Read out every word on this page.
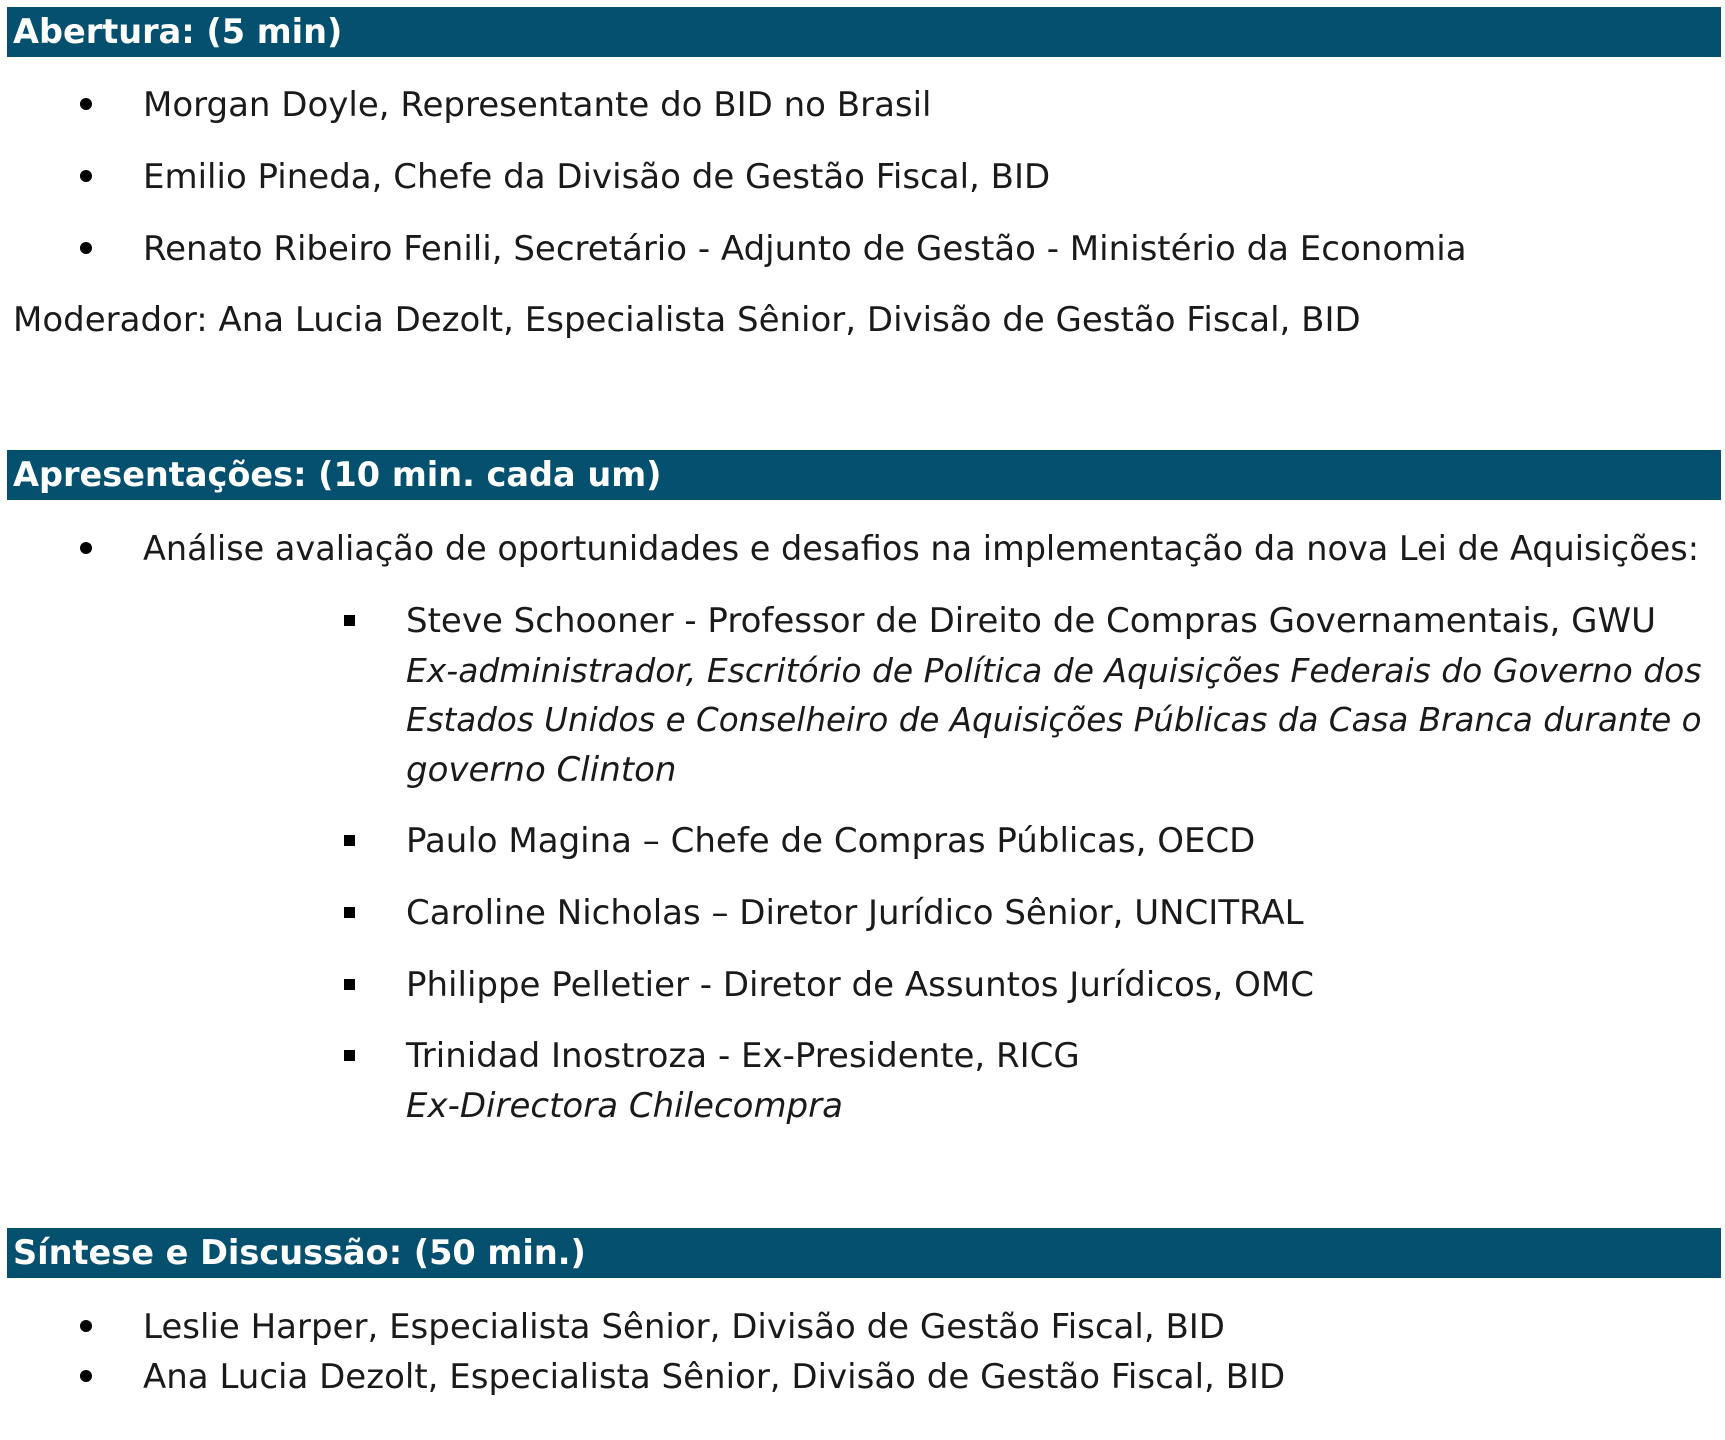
Abertura: (5 min)
Morgan Doyle, Representante do BID no Brasil
Emilio Pineda, Chefe da Divisão de Gestão Fiscal, BID
Renato Ribeiro Fenili, Secretário - Adjunto de Gestão - Ministério da Economia
Moderador: Ana Lucia Dezolt, Especialista Sênior, Divisão de Gestão Fiscal, BID
Apresentações: (10 min. cada um)
Análise avaliação de oportunidades e desafios na implementação da nova Lei de Aquisições:
Steve Schooner - Professor de Direito de Compras Governamentais, GWU
Ex-administrador, Escritório de Política de Aquisições Federais do Governo dos
Estados Unidos e Conselheiro de Aquisições Públicas da Casa Branca durante o
governo Clinton
Paulo Magina – Chefe de Compras Públicas, OECD
Caroline Nicholas – Diretor Jurídico Sênior, UNCITRAL
Philippe Pelletier - Diretor de Assuntos Jurídicos, OMC
Trinidad Inostroza - Ex-Presidente, RICG
Ex-Directora Chilecompra
Síntese e Discussão: (50 min.)
Leslie Harper, Especialista Sênior, Divisão de Gestão Fiscal, BID
Ana Lucia Dezolt, Especialista Sênior, Divisão de Gestão Fiscal, BID
